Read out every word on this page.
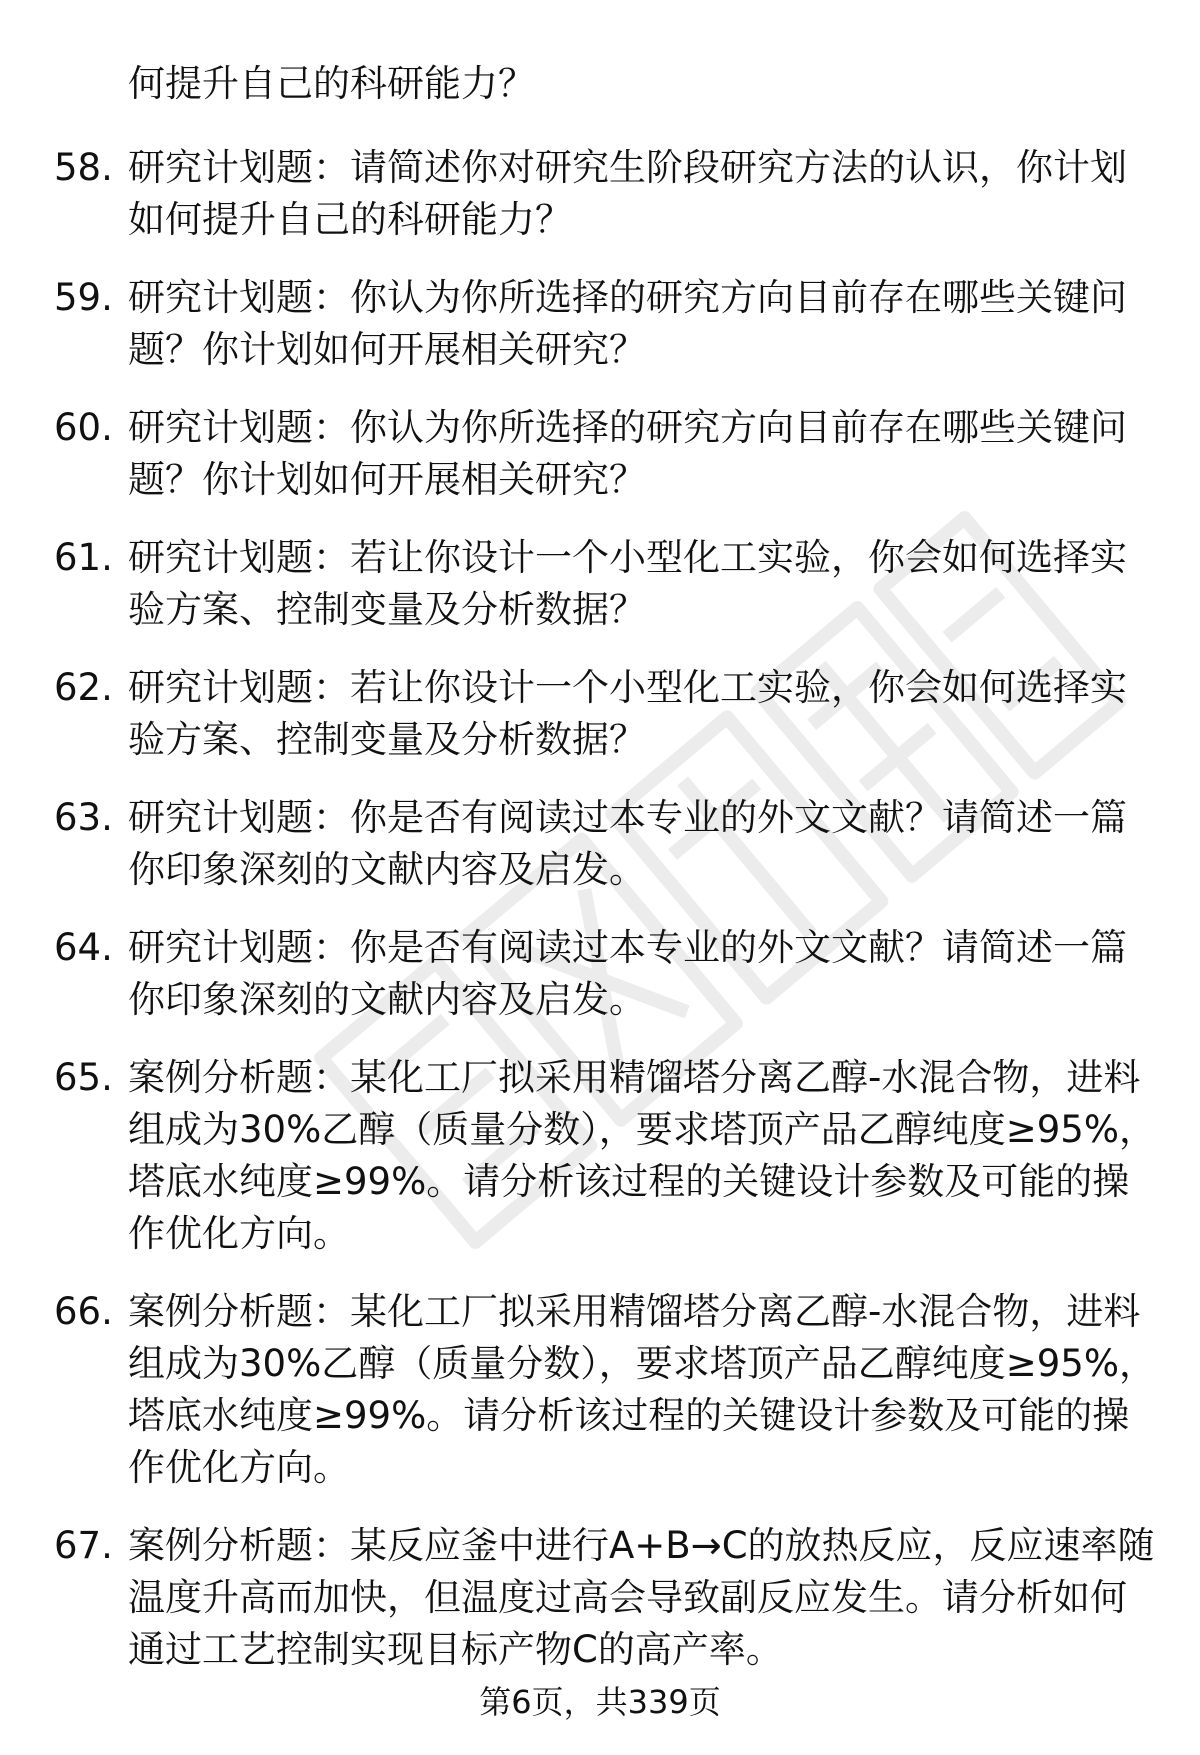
何提升自己的科研能力？
58. 研究计划题：请简述你对研究生阶段研究方法的认识，你计划如何提升自己的科研能力？
59. 研究计划题：你认为你所选择的研究方向目前存在哪些关键问题？你计划如何开展相关研究？
60. 研究计划题：你认为你所选择的研究方向目前存在哪些关键问题？你计划如何开展相关研究？
61. 研究计划题：若让你设计一个小型化工实验，你会如何选择实验方案、控制变量及分析数据？
62. 研究计划题：若让你设计一个小型化工实验，你会如何选择实验方案、控制变量及分析数据？
63. 研究计划题：你是否有阅读过本专业的外文文献？请简述一篇你印象深刻的文献内容及启发。
64. 研究计划题：你是否有阅读过本专业的外文文献？请简述一篇你印象深刻的文献内容及启发。
65. 案例分析题：某化工厂拟采用精馏塔分离乙醇-水混合物，进料组成为30%乙醇（质量分数），要求塔顶产品乙醇纯度≥95%，塔底水纯度≥99%。请分析该过程的关键设计参数及可能的操作优化方向。
66. 案例分析题：某化工厂拟采用精馏塔分离乙醇-水混合物，进料组成为30%乙醇（质量分数），要求塔顶产品乙醇纯度≥95%，塔底水纯度≥99%。请分析该过程的关键设计参数及可能的操作优化方向。
67. 案例分析题：某反应釜中进行A+B→C的放热反应，反应速率随温度升高而加快，但温度过高会导致副反应发生。请分析如何通过工艺控制实现目标产物C的高产率。
第6页，共339页
